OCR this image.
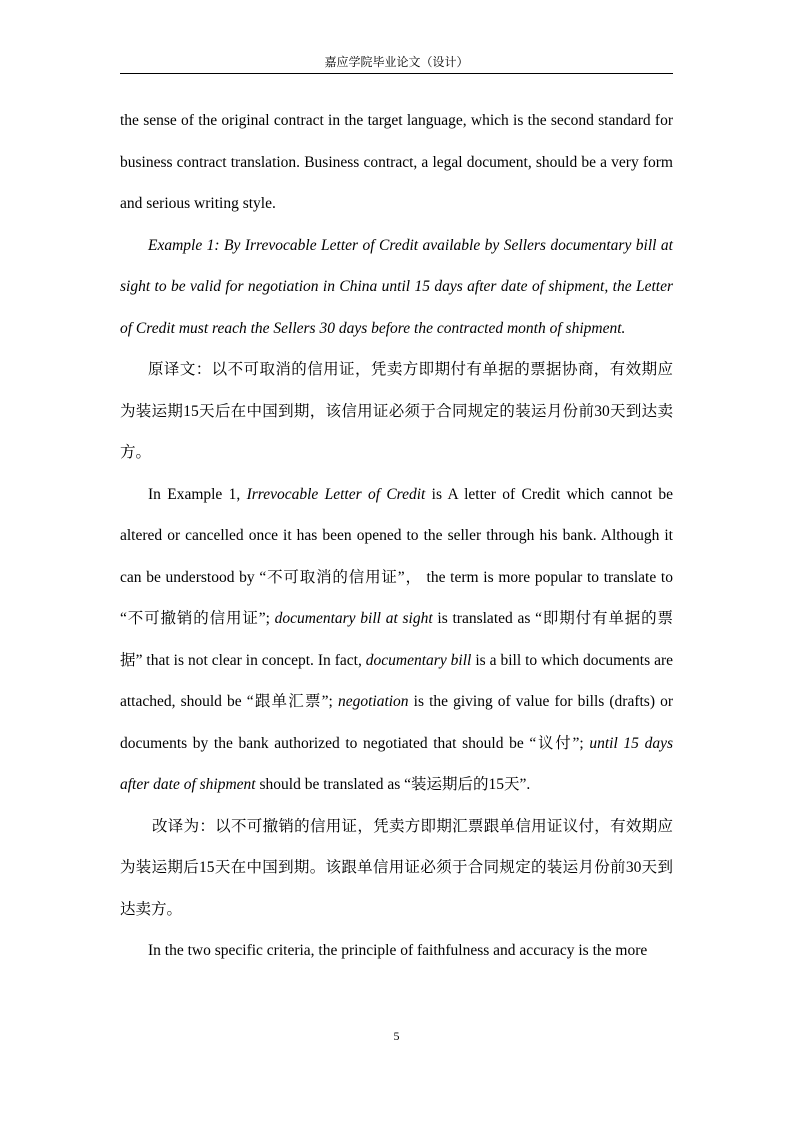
嘉应学院毕业论文（设计）

the sense of the original contract in the target language, which is the second standard for business contract translation. Business contract, a legal document, should be a very form and serious writing style.

Example 1: By Irrevocable Letter of Credit available by Sellers documentary bill at sight to be valid for negotiation in China until 15 days after date of shipment, the Letter of Credit must reach the Sellers 30 days before the contracted month of shipment.

原译文：以不可取消的信用证，凭卖方即期付有单据的票据协商，有效期应为装运期15天后在中国到期，该信用证必须于合同规定的装运月份前30天到达卖方。

In Example 1, Irrevocable Letter of Credit is A letter of Credit which cannot be altered or cancelled once it has been opened to the seller through his bank. Although it can be understood by “不可取消的信用证”， the term is more popular to translate to “不可撤销的信用证”; documentary bill at sight is translated as “即期付有单据的票据” that is not clear in concept. In fact, documentary bill is a bill to which documents are attached, should be “跟单汇票”; negotiation is the giving of value for bills (drafts) or documents by the bank authorized to negotiated that should be “议付”; until 15 days after date of shipment should be translated as “装运期后的15天”.

改译为：以不可撤销的信用证，凭卖方即期汇票跟单信用证议付，有效期应为装运期后15天在中国到期。该跟单信用证必须于合同规定的装运月份前30天到达卖方。

In the two specific criteria, the principle of faithfulness and accuracy is the more

5
